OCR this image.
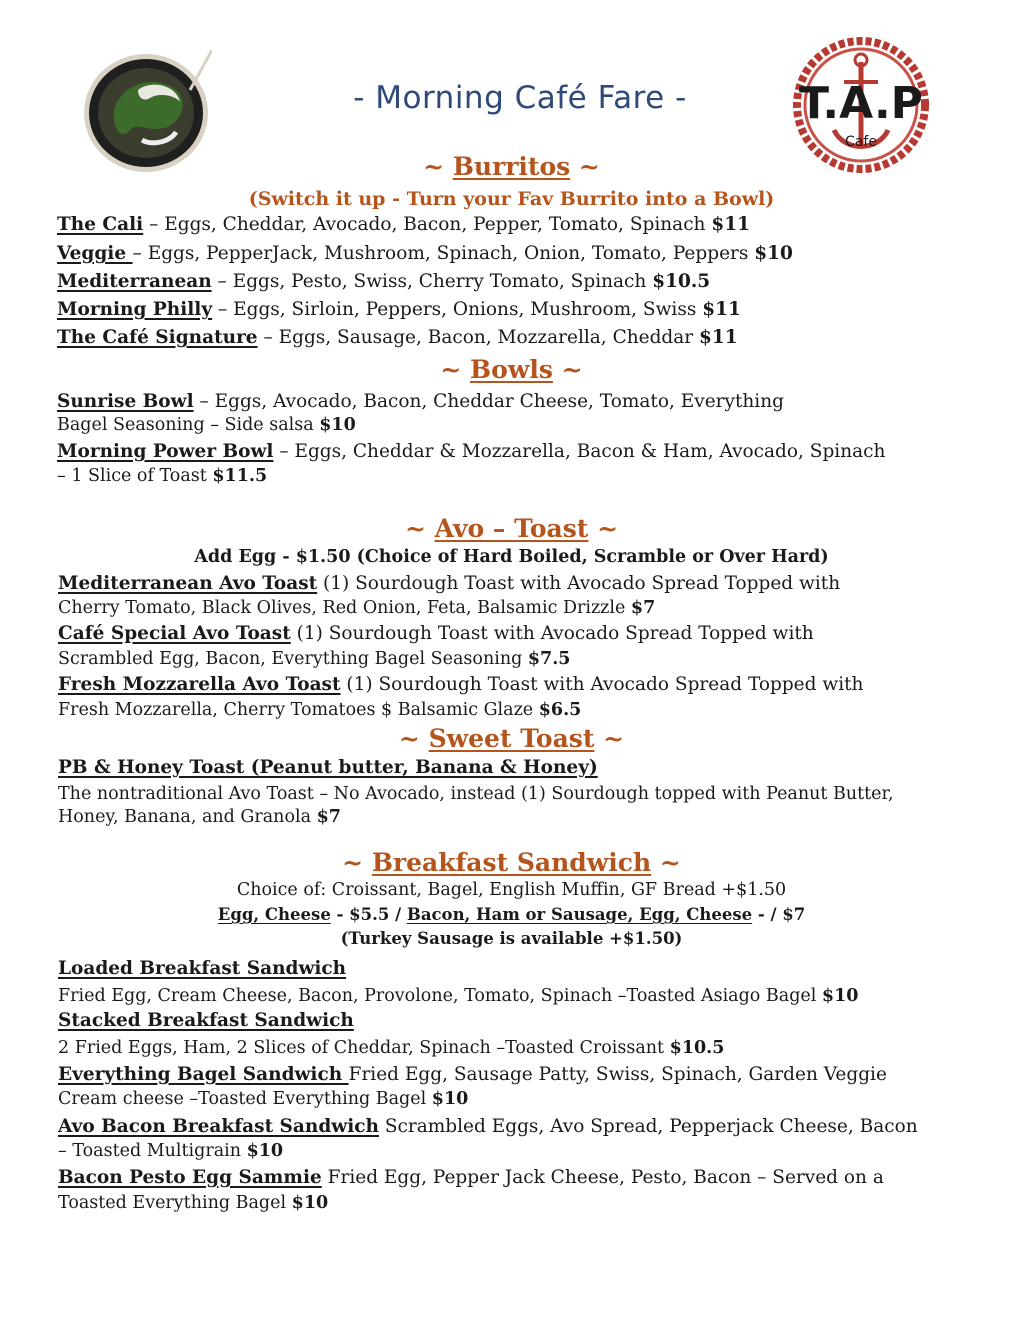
- Morning Café Fare -	T.A.P
Cafe
~ Burritos ~
(Switch it up - Turn your Fav Burrito into a Bowl)
The Cali – Eggs, Cheddar, Avocado, Bacon, Pepper, Tomato, Spinach $11
Veggie – Eggs, PepperJack, Mushroom, Spinach, Onion, Tomato, Peppers $10
Mediterranean – Eggs, Pesto, Swiss, Cherry Tomato, Spinach $10.5
Morning Philly – Eggs, Sirloin, Peppers, Onions, Mushroom, Swiss $11
The Café Signature – Eggs, Sausage, Bacon, Mozzarella, Cheddar $11
~ Bowls ~
Sunrise Bowl – Eggs, Avocado, Bacon, Cheddar Cheese, Tomato, Everything
Bagel Seasoning – Side salsa $10
Morning Power Bowl – Eggs, Cheddar & Mozzarella, Bacon & Ham, Avocado, Spinach
– 1 Slice of Toast $11.5
~ Avo – Toast ~
Add Egg - $1.50 (Choice of Hard Boiled, Scramble or Over Hard)
Mediterranean Avo Toast (1) Sourdough Toast with Avocado Spread Topped with
Cherry Tomato, Black Olives, Red Onion, Feta, Balsamic Drizzle $7
Café Special Avo Toast (1) Sourdough Toast with Avocado Spread Topped with
Scrambled Egg, Bacon, Everything Bagel Seasoning $7.5
Fresh Mozzarella Avo Toast (1) Sourdough Toast with Avocado Spread Topped with
Fresh Mozzarella, Cherry Tomatoes $ Balsamic Glaze $6.5
~ Sweet Toast ~
PB & Honey Toast (Peanut butter, Banana & Honey)
The nontraditional Avo Toast – No Avocado, instead (1) Sourdough topped with Peanut Butter,
Honey, Banana, and Granola $7
~ Breakfast Sandwich ~
Choice of: Croissant, Bagel, English Muffin, GF Bread +$1.50
Egg, Cheese - $5.5 / Bacon, Ham or Sausage, Egg, Cheese - / $7
(Turkey Sausage is available +$1.50)
Loaded Breakfast Sandwich
Fried Egg, Cream Cheese, Bacon, Provolone, Tomato, Spinach –Toasted Asiago Bagel $10
Stacked Breakfast Sandwich
2 Fried Eggs, Ham, 2 Slices of Cheddar, Spinach –Toasted Croissant $10.5
Everything Bagel Sandwich Fried Egg, Sausage Patty, Swiss, Spinach, Garden Veggie
Cream cheese –Toasted Everything Bagel $10
Avo Bacon Breakfast Sandwich Scrambled Eggs, Avo Spread, Pepperjack Cheese, Bacon
– Toasted Multigrain $10
Bacon Pesto Egg Sammie Fried Egg, Pepper Jack Cheese, Pesto, Bacon – Served on a
Toasted Everything Bagel $10
